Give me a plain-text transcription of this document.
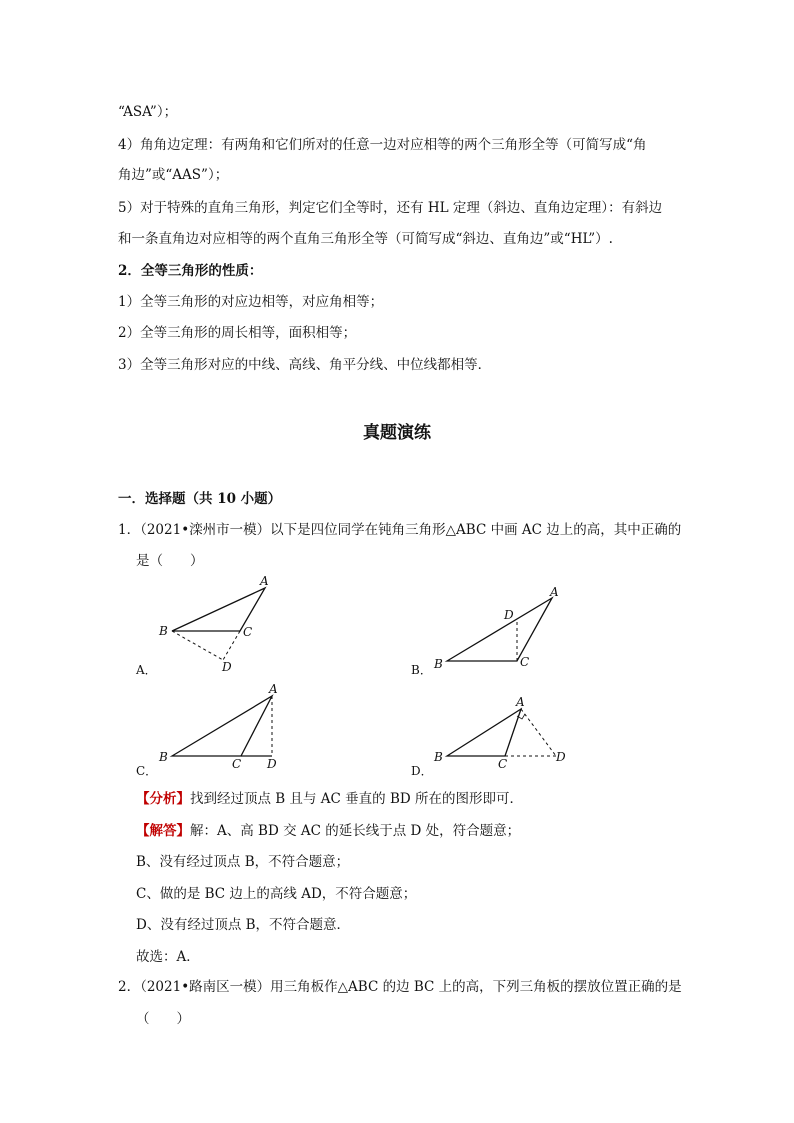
“ASA”）；
4）角角边定理：有两角和它们所对的任意一边对应相等的两个三角形全等（可简写成“角
角边”或“AAS”）；
5）对于特殊的直角三角形，判定它们全等时，还有 HL 定理（斜边、直角边定理）：有斜边
和一条直角边对应相等的两个直角三角形全等（可简写成“斜边、直角边”或“HL”）.
2．全等三角形的性质：
1）全等三角形的对应边相等，对应角相等；
2）全等三角形的周长相等，面积相等；
3）全等三角形对应的中线、高线、角平分线、中位线都相等．
真题演练
一．选择题（共 10 小题）
1．（2021•滦州市一模）以下是四位同学在钝角三角形△ABC 中画 AC 边上的高，其中正确的
是（　　）
A
B	C
D
A
B	C
D
A
B	C D
A
B	C	D
A．	B．
C．	D．
【分析】找到经过顶点 B 且与 AC 垂直的 BD 所在的图形即可．
【解答】解：A、高 BD 交 AC 的延长线于点 D 处，符合题意；
B、没有经过顶点 B，不符合题意；
C、做的是 BC 边上的高线 AD，不符合题意；
D、没有经过顶点 B，不符合题意．
故选：A．
2．（2021•路南区一模）用三角板作△ABC 的边 BC 上的高，下列三角板的摆放位置正确的是
（　　）
